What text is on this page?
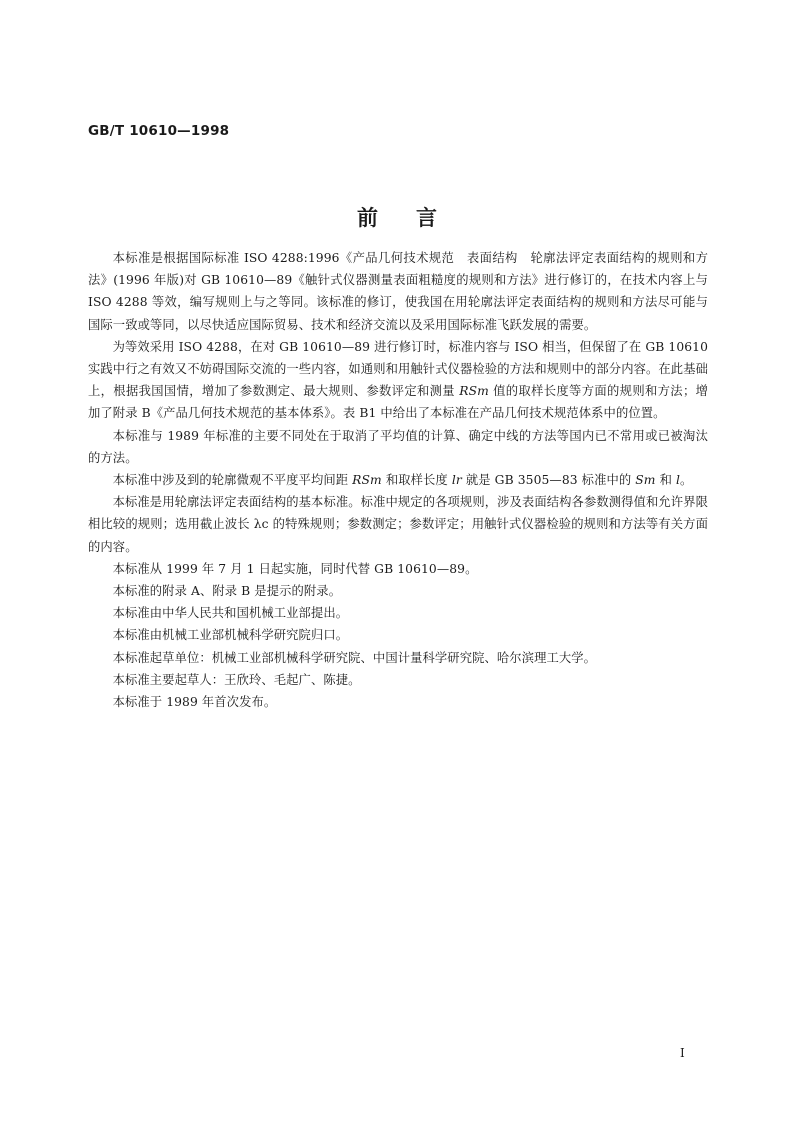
GB/T 10610—1998
前言

本标准是根据国际标准 ISO 4288:1996《产品几何技术规范　表面结构　轮廓法评定表面结构的规则和方法》(1996 年版)对 GB 10610—89《触针式仪器测量表面粗糙度的规则和方法》进行修订的，在技术内容上与 ISO 4288 等效，编写规则上与之等同。该标准的修订，使我国在用轮廓法评定表面结构的规则和方法尽可能与国际一致或等同，以尽快适应国际贸易、技术和经济交流以及采用国际标准飞跃发展的需要。

为等效采用 ISO 4288，在对 GB 10610—89 进行修订时，标准内容与 ISO 相当，但保留了在 GB 10610实践中行之有效又不妨碍国际交流的一些内容，如通则和用触针式仪器检验的方法和规则中的部分内容。在此基础上，根据我国国情，增加了参数测定、最大规则、参数评定和测量 RSm 值的取样长度等方面的规则和方法；增加了附录 B《产品几何技术规范的基本体系》。表 B1 中给出了本标准在产品几何技术规范体系中的位置。

本标准与 1989 年标准的主要不同处在于取消了平均值的计算、确定中线的方法等国内已不常用或已被淘汰的方法。

本标准中涉及到的轮廓微观不平度平均间距 RSm 和取样长度 lr 就是 GB 3505—83 标准中的 Sm 和 l。

本标准是用轮廓法评定表面结构的基本标准。标准中规定的各项规则，涉及表面结构各参数测得值和允许界限相比较的规则；选用截止波长 λc 的特殊规则；参数测定；参数评定；用触针式仪器检验的规则和方法等有关方面的内容。

本标准从 1999 年 7 月 1 日起实施，同时代替 GB 10610—89。

本标准的附录 A、附录 B 是提示的附录。

本标准由中华人民共和国机械工业部提出。

本标准由机械工业部机械科学研究院归口。

本标准起草单位：机械工业部机械科学研究院、中国计量科学研究院、哈尔滨理工大学。

本标准主要起草人：王欣玲、毛起广、陈捷。

本标准于 1989 年首次发布。

I
